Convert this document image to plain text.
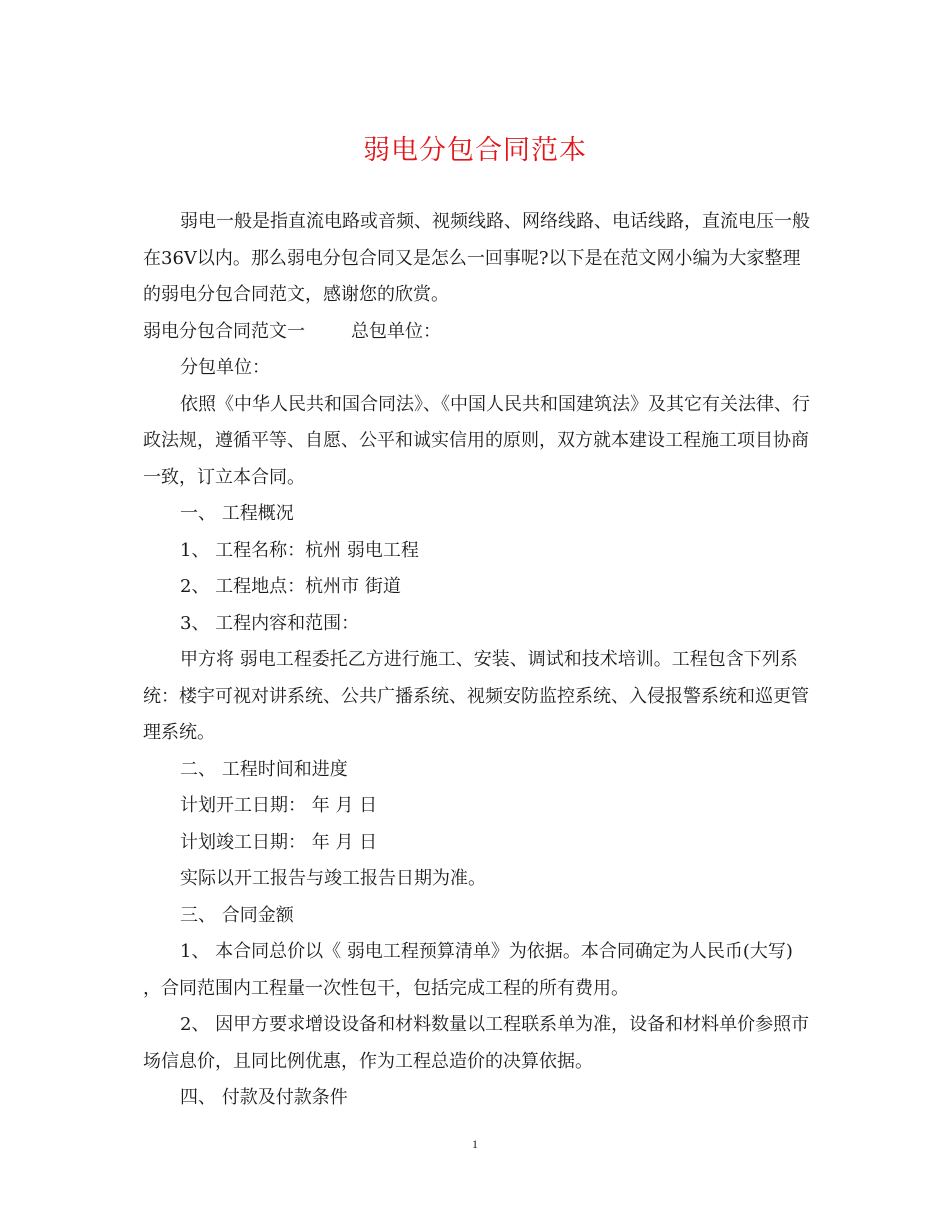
弱电分包合同范本

弱电一般是指直流电路或音频、视频线路、网络线路、电话线路，直流电压一般在36V以内。那么弱电分包合同又是怎么一回事呢?以下是在范文网小编为大家整理的弱电分包合同范文，感谢您的欣赏。

弱电分包合同范文一	总包单位：

分包单位：

依照《中华人民共和国合同法》、《中国人民共和国建筑法》及其它有关法律、行政法规，遵循平等、自愿、公平和诚实信用的原则，双方就本建设工程施工项目协商一致，订立本合同。

一、 工程概况

1、 工程名称：杭州 弱电工程

2、 工程地点：杭州市 街道

3、 工程内容和范围：

甲方将 弱电工程委托乙方进行施工、安装、调试和技术培训。工程包含下列系统：楼宇可视对讲系统、公共广播系统、视频安防监控系统、入侵报警系统和巡更管理系统。

二、 工程时间和进度

计划开工日期： 年 月 日

计划竣工日期： 年 月 日

实际以开工报告与竣工报告日期为准。

三、 合同金额

1、 本合同总价以《 弱电工程预算清单》为依据。本合同确定为人民币(大写) ，合同范围内工程量一次性包干，包括完成工程的所有费用。

2、 因甲方要求增设设备和材料数量以工程联系单为准，设备和材料单价参照市场信息价，且同比例优惠，作为工程总造价的决算依据。

四、 付款及付款条件

1
